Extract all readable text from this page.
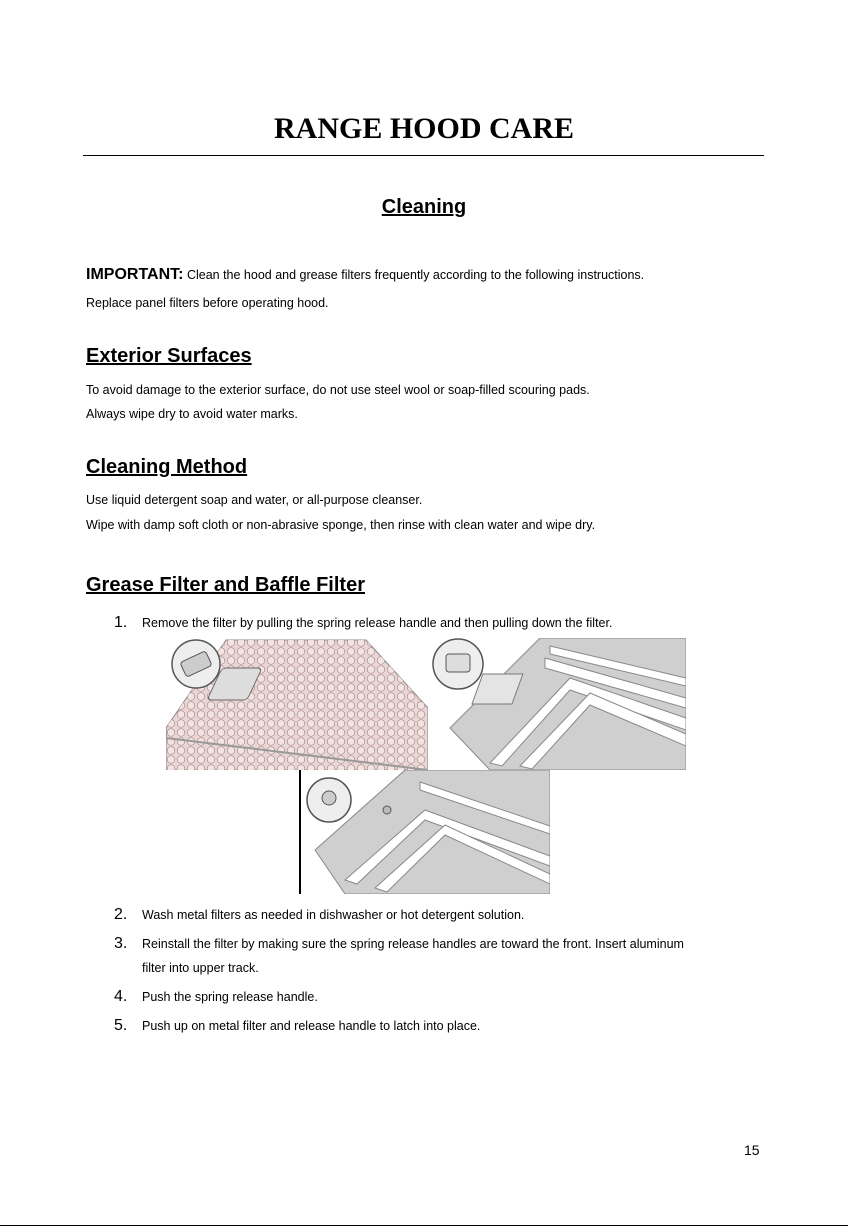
RANGE HOOD CARE
Cleaning
IMPORTANT: Clean the hood and grease filters frequently according to the following instructions.
Replace panel filters before operating hood.
Exterior Surfaces
To avoid damage to the exterior surface, do not use steel wool or soap-filled scouring pads.
Always wipe dry to avoid water marks.
Cleaning Method
Use liquid detergent soap and water, or all-purpose cleanser.
Wipe with damp soft cloth or non-abrasive sponge, then rinse with clean water and wipe dry.
Grease Filter and Baffle Filter
1. Remove the filter by pulling the spring release handle and then pulling down the filter.
2. Wash metal filters as needed in dishwasher or hot detergent solution.
3. Reinstall the filter by making sure the spring release handles are toward the front. Insert aluminum
filter into upper track.
4. Push the spring release handle.
5. Push up on metal filter and release handle to latch into place.
15
